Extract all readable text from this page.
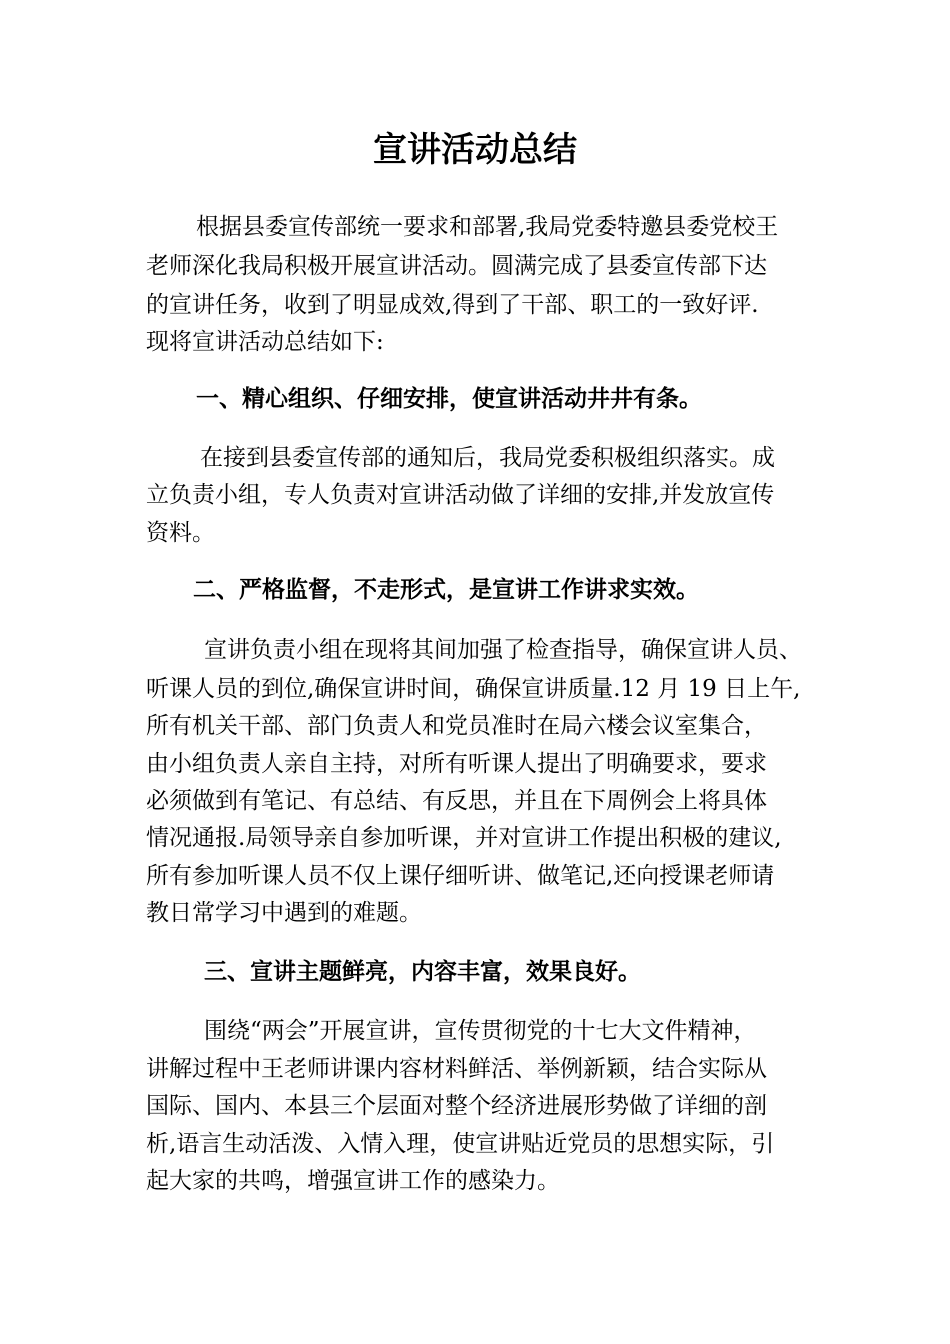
宣讲活动总结

根据县委宣传部统一要求和部署,我局党委特邀县委党校王

老师深化我局积极开展宣讲活动。圆满完成了县委宣传部下达

的宣讲任务，收到了明显成效,得到了干部、职工的一致好评.

现将宣讲活动总结如下:

一、精心组织、仔细安排，使宣讲活动井井有条。

在接到县委宣传部的通知后，我局党委积极组织落实。成

立负责小组，专人负责对宣讲活动做了详细的安排,并发放宣传

资料。

二、严格监督，不走形式，是宣讲工作讲求实效。

宣讲负责小组在现将其间加强了检查指导，确保宣讲人员、

听课人员的到位,确保宣讲时间，确保宣讲质量.12 月 19 日上午,

所有机关干部、部门负责人和党员准时在局六楼会议室集合，

由小组负责人亲自主持，对所有听课人提出了明确要求，要求

必须做到有笔记、有总结、有反思，并且在下周例会上将具体

情况通报.局领导亲自参加听课，并对宣讲工作提出积极的建议,

所有参加听课人员不仅上课仔细听讲、做笔记,还向授课老师请

教日常学习中遇到的难题。

三、宣讲主题鲜亮，内容丰富，效果良好。

围绕“两会”开展宣讲，宣传贯彻党的十七大文件精神，

讲解过程中王老师讲课内容材料鲜活、举例新颖，结合实际从

国际、国内、本县三个层面对整个经济进展形势做了详细的剖

析,语言生动活泼、入情入理，使宣讲贴近党员的思想实际，引

起大家的共鸣，增强宣讲工作的感染力。
